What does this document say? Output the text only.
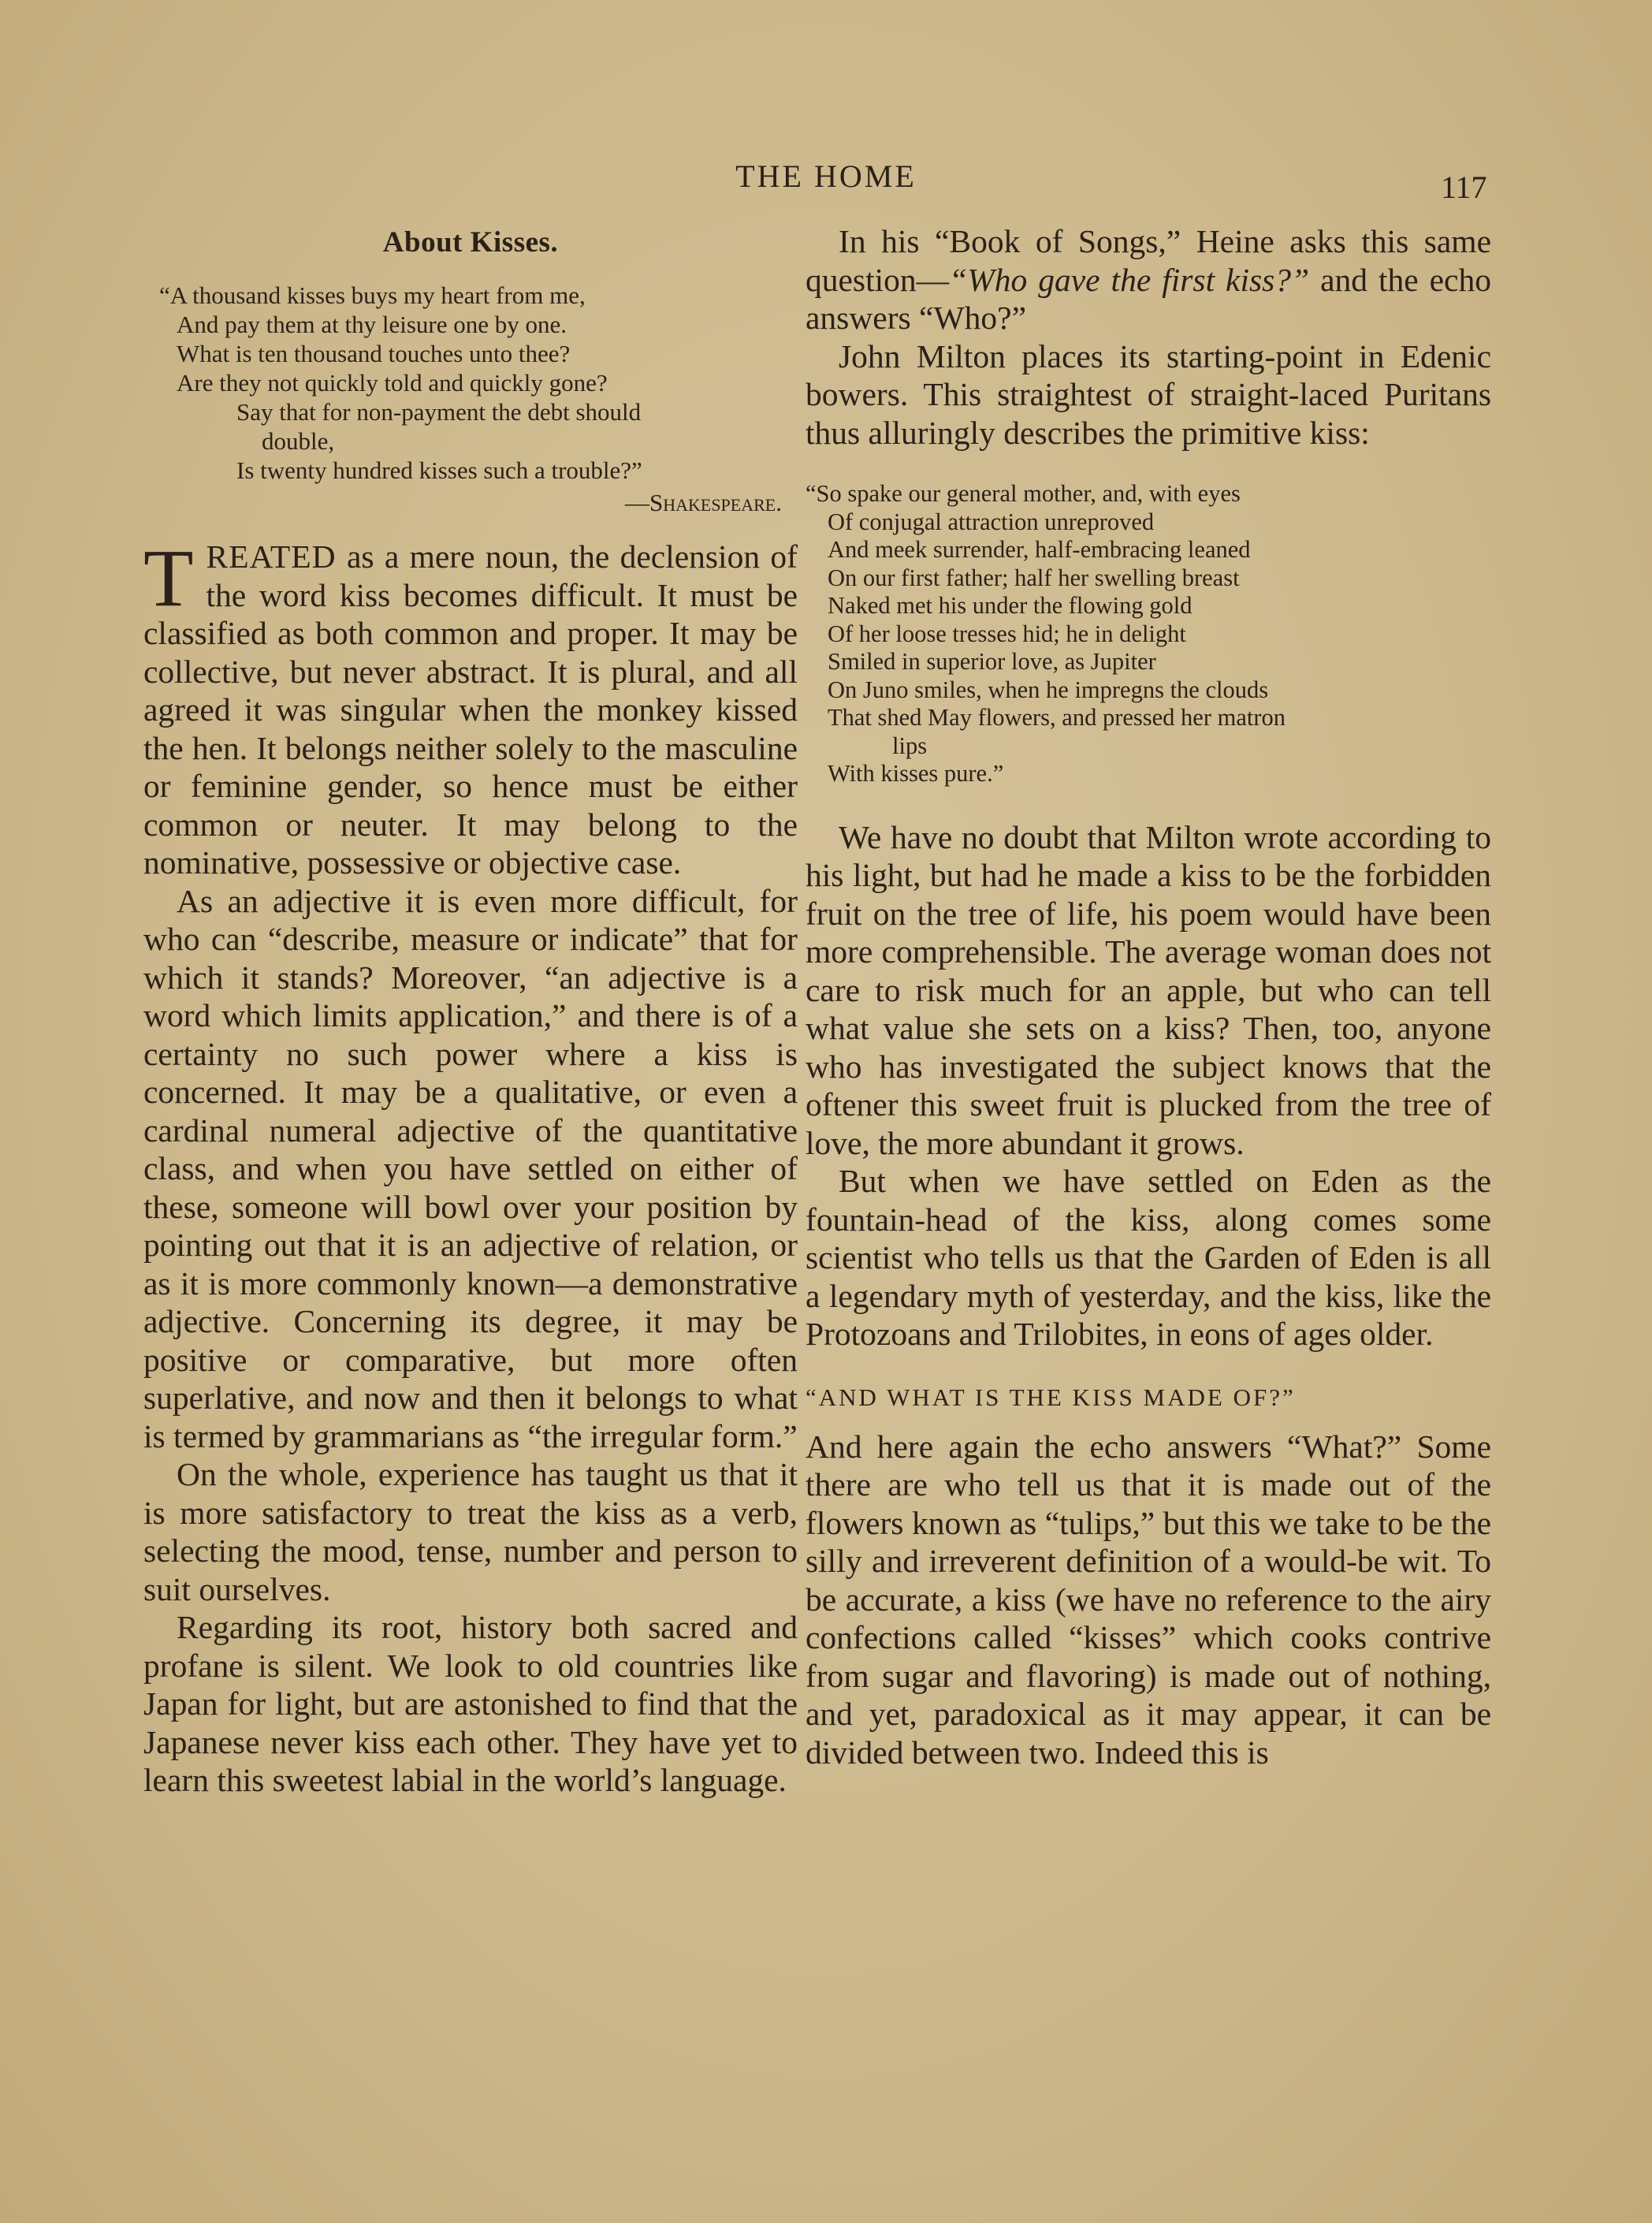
THE HOME	117
About Kisses.
“A thousand kisses buys my heart from me,
And pay them at thy leisure one by one.
What is ten thousand touches unto thee?
Are they not quickly told and quickly gone?
Say that for non-payment the debt should
double,
Is twenty hundred kisses such a trouble?”
—Shakespeare.

TREATED as a mere noun, the declension of the word kiss becomes difficult. It must be classified as both common and proper. It may be collective, but never abstract. It is plural, and all agreed it was singular when the monkey kissed the hen. It belongs neither solely to the masculine or feminine gender, so hence must be either common or neuter. It may belong to the nominative, possessive or objective case.

As an adjective it is even more difficult, for who can “describe, measure or indicate” that for which it stands? Moreover, “an adjective is a word which limits application,” and there is of a certainty no such power where a kiss is concerned. It may be a qualitative, or even a cardinal numeral adjective of the quantitative class, and when you have settled on either of these, someone will bowl over your position by pointing out that it is an adjective of relation, or as it is more commonly known—a demonstrative adjective. Concerning its degree, it may be positive or comparative, but more often superlative, and now and then it belongs to what is termed by grammarians as “the irregular form.”

On the whole, experience has taught us that it is more satisfactory to treat the kiss as a verb, selecting the mood, tense, number and person to suit ourselves.

Regarding its root, history both sacred and profane is silent. We look to old countries like Japan for light, but are astonished to find that the Japanese never kiss each other. They have yet to learn this sweetest labial in the world’s language.

In his “Book of Songs,” Heine asks this same question—“Who gave the first kiss?” and the echo answers “Who?”

John Milton places its starting-point in Edenic bowers. This straightest of straight-laced Puritans thus alluringly describes the primitive kiss:

“So spake our general mother, and, with eyes
Of conjugal attraction unreproved
And meek surrender, half-embracing leaned
On our first father; half her swelling breast
Naked met his under the flowing gold
Of her loose tresses hid; he in delight
Smiled in superior love, as Jupiter
On Juno smiles, when he impregns the clouds
That shed May flowers, and pressed her matron
lips
With kisses pure.”

We have no doubt that Milton wrote according to his light, but had he made a kiss to be the forbidden fruit on the tree of life, his poem would have been more comprehensible. The average woman does not care to risk much for an apple, but who can tell what value she sets on a kiss? Then, too, anyone who has investigated the subject knows that the oftener this sweet fruit is plucked from the tree of love, the more abundant it grows.

But when we have settled on Eden as the fountain-head of the kiss, along comes some scientist who tells us that the Garden of Eden is all a legendary myth of yesterday, and the kiss, like the Protozoans and Trilobites, in eons of ages older.

“AND WHAT IS THE KISS MADE OF?”

And here again the echo answers “What?” Some there are who tell us that it is made out of the flowers known as “tulips,” but this we take to be the silly and irreverent definition of a would-be wit. To be accurate, a kiss (we have no reference to the airy confections called “kisses” which cooks contrive from sugar and flavoring) is made out of nothing, and yet, paradoxical as it may appear, it can be divided between two. Indeed this is
